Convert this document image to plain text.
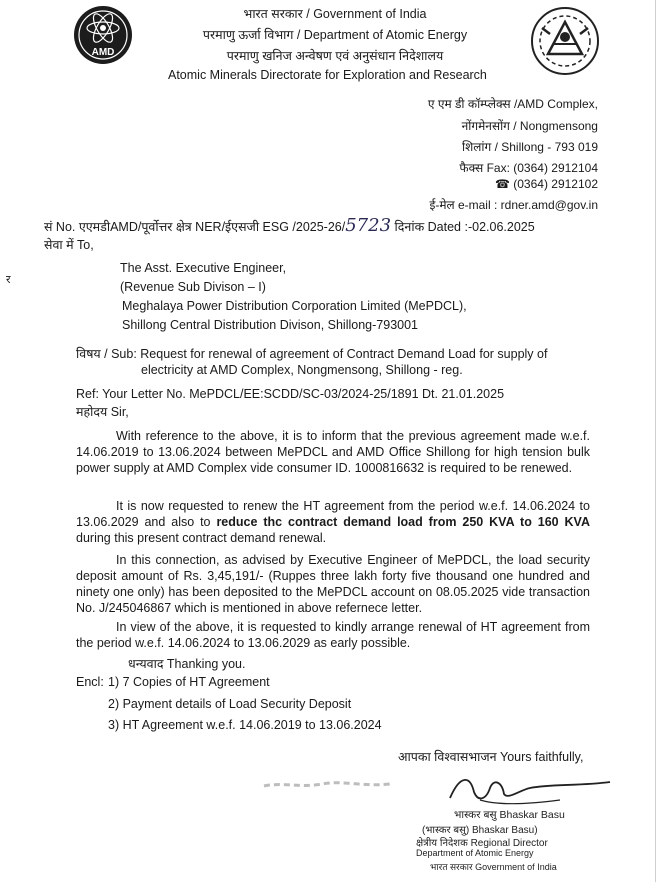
AMD
भारत सरकार / Government of India
परमाणु ऊर्जा विभाग / Department of Atomic Energy
परमाणु खनिज अन्वेषण एवं अनुसंधान निदेशालय
Atomic Minerals Directorate for Exploration and Research
ए एम डी कॉम्प्लेक्स /AMD Complex,
नोंगमेनसोंग / Nongmensong
शिलांग / Shillong - 793 019
फैक्स Fax: (0364) 2912104
☎ (0364) 2912102
ई-मेल e-mail : rdner.amd@gov.in
सं No. एएमडीAMD/पूर्वोत्तर क्षेत्र NER/ईएसजी ESG /2025-26/5723 दिनांक Dated :-02.06.2025
सेवा में To,
The Asst. Executive Engineer,
(Revenue Sub Divison – I)
Meghalaya Power Distribution Corporation Limited (MePDCL),
Shillong Central Distribution Divison, Shillong-793001
र
विषय / Sub: Request for renewal of agreement of Contract Demand Load for supply of
electricity at AMD Complex, Nongmensong, Shillong - reg.
Ref: Your Letter No. MePDCL/EE:SCDD/SC-03/2024-25/1891 Dt. 21.01.2025
महोदय Sir,
With reference to the above, it is to inform that the previous agreement made w.e.f. 14.06.2019 to 13.06.2024 between MePDCL and AMD Office Shillong for high tension bulk power supply at AMD Complex vide consumer ID. 1000816632 is required to be renewed.
It is now requested to renew the HT agreement from the period w.e.f. 14.06.2024 to 13.06.2029 and also to reduce thc contract demand load from 250 KVA to 160 KVA during this present contract demand renewal.
In this connection, as advised by Executive Engineer of MePDCL, the load security deposit amount of Rs. 3,45,191/- (Ruppes three lakh forty five thousand one hundred and ninety one only) has been deposited to the MePDCL account on 08.05.2025 vide transaction No. J/245046867 which is mentioned in above refernece letter.
In view of the above, it is requested to kindly arrange renewal of HT agreement from the period w.e.f. 14.06.2024 to 13.06.2029 as early possible.
धन्यवाद Thanking you.
Encl: 1) 7 Copies of HT Agreement
2) Payment details of Load Security Deposit
3) HT Agreement w.e.f. 14.06.2019 to 13.06.2024
आपका विश्वासभाजन Yours faithfully,
भास्कर बसु Bhaskar Basu
(भास्कर बसु) Bhaskar Basu)
क्षेत्रीय निदेशक Regional Director
Department of Atomic Energy
भारत सरकार Government of India
